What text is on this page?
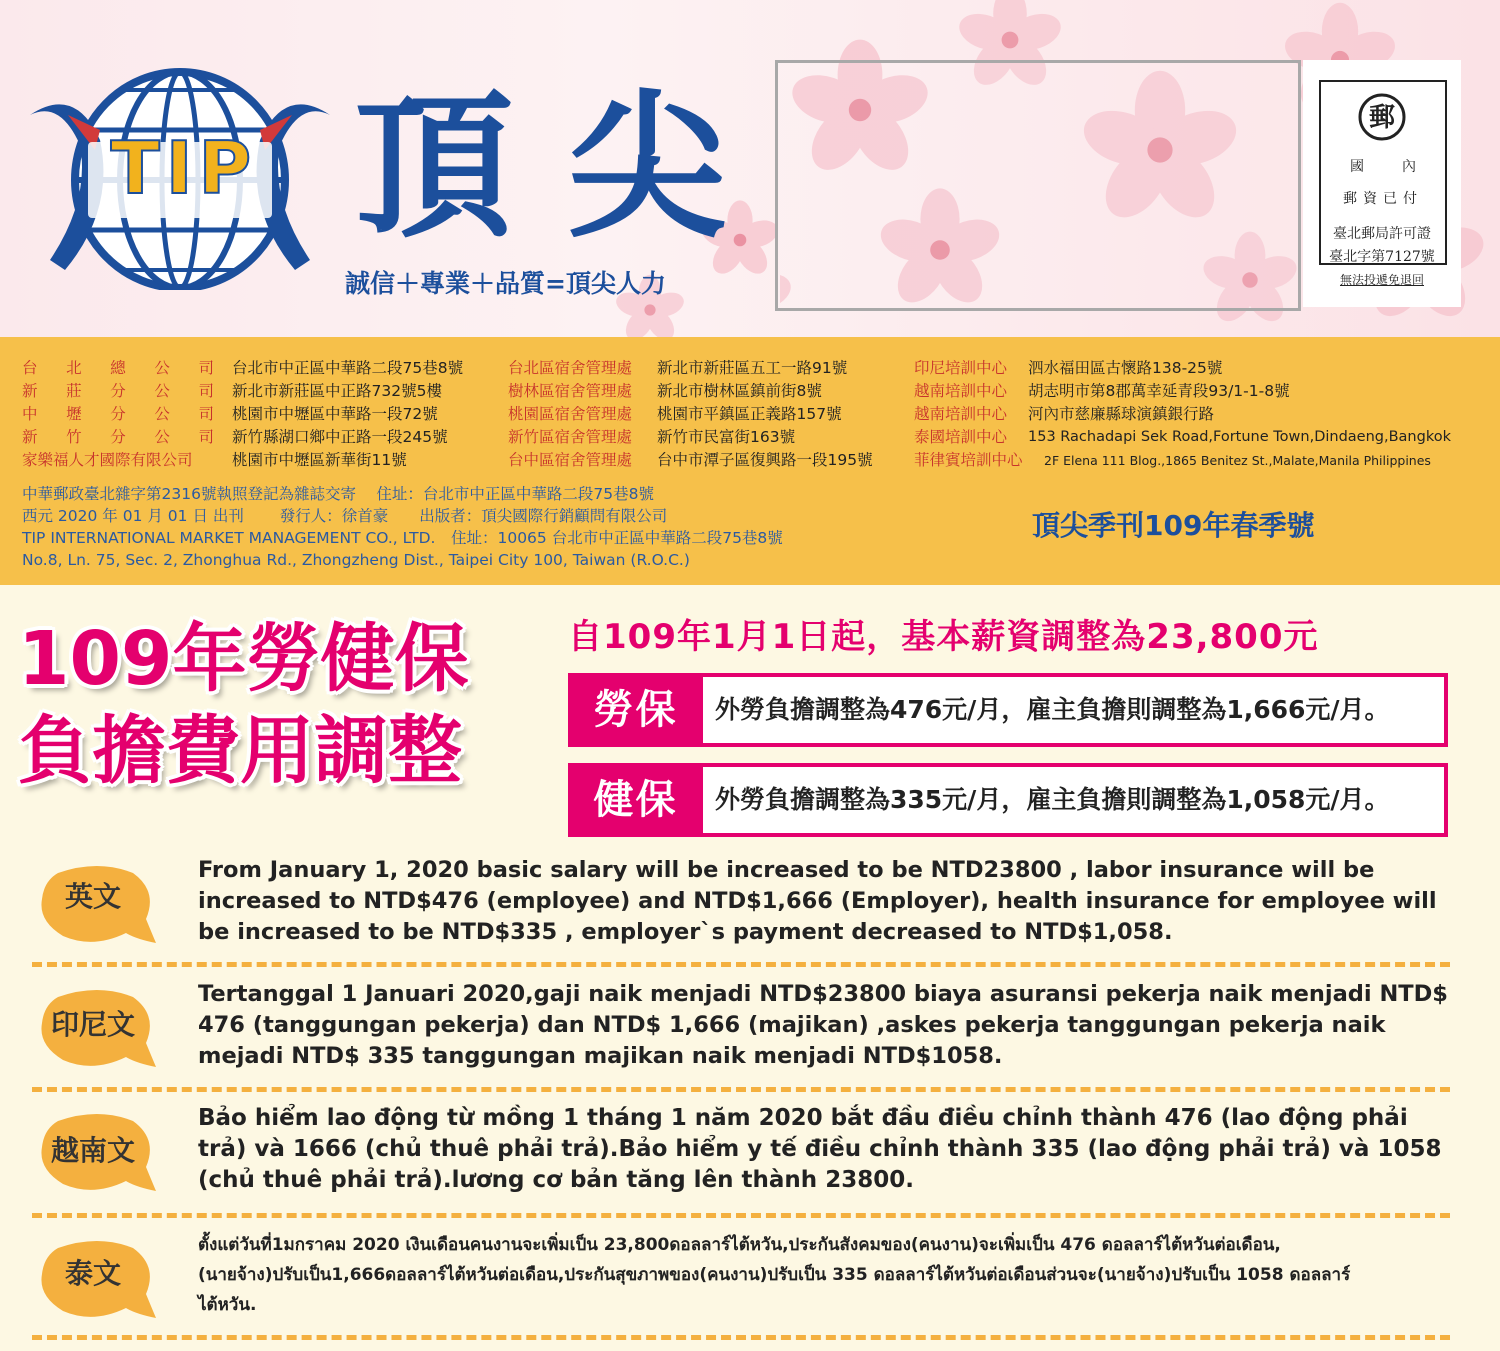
TIP 頂尖
誠信＋專業＋品質=頂尖人力
郵
國	內
郵資已付
臺北郵局許可證
臺北字第7127號
無法投遞免退回
台北總公司 台北市中正區中華路二段75巷8號	台北區宿舍管理處 新北市新莊區五工一路91號	印尼培訓中心 泗水福田區古懷路138-25號
新莊分公司 新北市新莊區中正路732號5樓	樹林區宿舍管理處 新北市樹林區鎮前街8號	越南培訓中心 胡志明市第8郡萬幸延青段93/1-1-8號
中壢分公司 桃園市中壢區中華路一段72號	桃園區宿舍管理處 桃園市平鎮區正義路157號	越南培訓中心 河內市慈廉縣球演鎮銀行路
新竹分公司 新竹縣湖口鄉中正路一段245號	新竹區宿舍管理處 新竹市民富街163號	泰國培訓中心 153 Rachadapi Sek Road,Fortune Town,Dindaeng,Bangkok
家樂福人才國際有限公司	桃園市中壢區新華街11號	台中區宿舍管理處 台中市潭子區復興路一段195號	菲律賓培訓中心 2F Elena 111 Blog.,1865 Benitez St.,Malate,Manila Philippines
中華郵政臺北雜字第2316號執照登記為雜誌交寄　 住址：台北市中正區中華路二段75巷8號
西元 2020 年 01 月 01 日 出刊 　　發行人：徐首豪　　出版者：頂尖國際行銷顧問有限公司
TIP INTERNATIONAL MARKET MANAGEMENT CO., LTD.　住址：10065 台北市中正區中華路二段75巷8號
No.8, Ln. 75, Sec. 2, Zhonghua Rd., Zhongzheng Dist., Taipei City 100, Taiwan (R.O.C.)
頂尖季刊109年春季號
109年勞健保
負擔費用調整
自109年1月1日起，基本薪資調整為23,800元
勞保	外勞負擔調整為476元/月，雇主負擔則調整為1,666元/月。
健保	外勞負擔調整為335元/月，雇主負擔則調整為1,058元/月。
英文
From January 1, 2020 basic salary will be increased to be NTD23800 , labor insurance will be increased to NTD$476 (employee) and NTD$1,666 (Employer), health insurance for employee will be increased to be NTD$335 , employer`s payment decreased to NTD$1,058.
印尼文
Tertanggal 1 Januari 2020,gaji naik menjadi NTD$23800 biaya asuransi pekerja naik menjadi NTD$ 476 (tanggungan pekerja) dan NTD$ 1,666 (majikan) ,askes pekerja tanggungan pekerja naik mejadi NTD$ 335 tanggungan majikan naik menjadi NTD$1058.
越南文
Bảo hiểm lao động từ mồng 1 tháng 1 năm 2020 bắt đầu điều chỉnh thành 476 (lao động phải trả) và 1666 (chủ thuê phải trả).Bảo hiểm y tế điều chỉnh thành 335 (lao động phải trả) và 1058 (chủ thuê phải trả).lương cơ bản tăng lên thành 23800.
泰文
ตั้งแต่วันที่1มกราคม 2020 เงินเดือนคนงานจะเพิ่มเป็น 23,800ดอลลาร์ไต้หวัน,ประกันสังคมของ(คนงาน)จะเพิ่มเป็น 476 ดอลลาร์ไต้หวันต่อเดือน,(นายจ้าง)ปรับเป็น1,666ดอลลาร์ไต้หวันต่อเดือน,ประกันสุขภาพของ(คนงาน)ปรับเป็น 335 ดอลลาร์ไต้หวันต่อเดือนส่วนจะ(นายจ้าง)ปรับเป็น 1058 ดอลลาร์ ไต้หวัน.
